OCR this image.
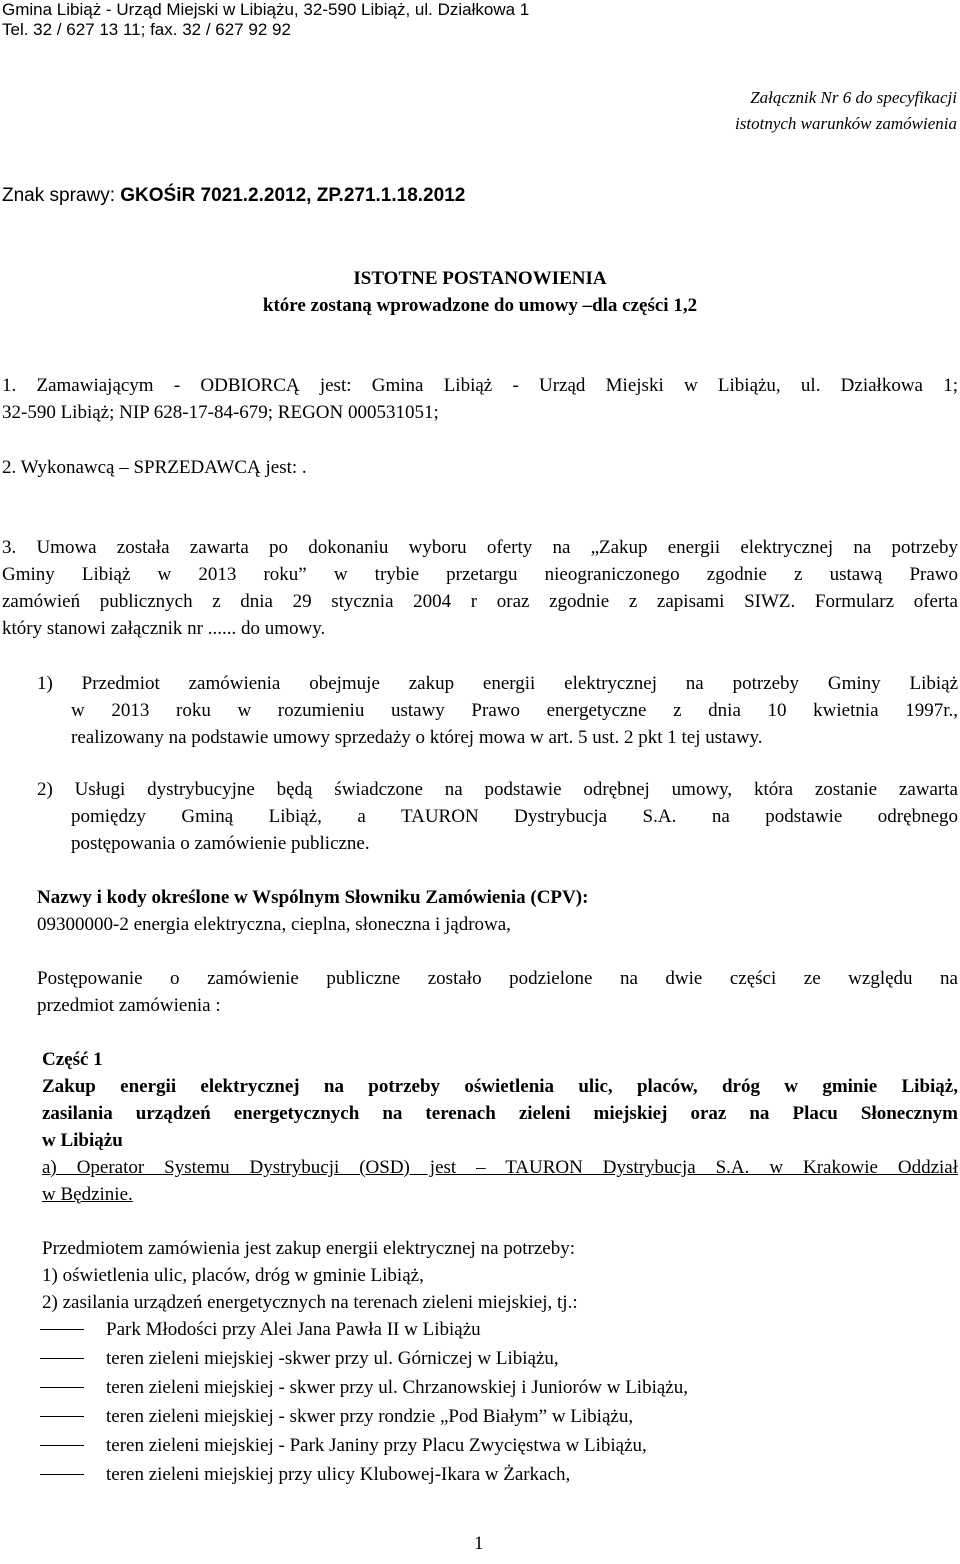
Gmina Libiąż - Urząd Miejski w Libiążu, 32-590 Libiąż, ul. Działkowa 1
Tel. 32 / 627 13 11; fax. 32 / 627 92 92
Załącznik Nr 6 do specyfikacji
istotnych warunków zamówienia
Znak sprawy: GKOŚiR 7021.2.2012, ZP.271.1.18.2012
ISTOTNE POSTANOWIENIA
które zostaną wprowadzone do umowy –dla części 1,2
1. Zamawiającym - ODBIORCĄ jest: Gmina Libiąż - Urząd Miejski w Libiążu, ul. Działkowa 1;
32-590 Libiąż; NIP 628-17-84-679; REGON 000531051;
2. Wykonawcą – SPRZEDAWCĄ jest: .
3. Umowa została zawarta po dokonaniu wyboru oferty na „Zakup energii elektrycznej na potrzeby
Gminy Libiąż w 2013 roku” w trybie przetargu nieograniczonego zgodnie z ustawą Prawo
zamówień publicznych z dnia 29 stycznia 2004 r oraz zgodnie z zapisami SIWZ. Formularz oferta
który stanowi załącznik nr ...... do umowy.
1) Przedmiot zamówienia obejmuje zakup energii elektrycznej na potrzeby Gminy Libiąż
w 2013 roku w rozumieniu ustawy Prawo energetyczne z dnia 10 kwietnia 1997r.,
realizowany na podstawie umowy sprzedaży o której mowa w art. 5 ust. 2 pkt 1 tej ustawy.
2) Usługi dystrybucyjne będą świadczone na podstawie odrębnej umowy, która zostanie zawarta
pomiędzy Gminą Libiąż, a TAURON Dystrybucja S.A. na podstawie odrębnego
postępowania o zamówienie publiczne.
Nazwy i kody określone w Wspólnym Słowniku Zamówienia (CPV):
09300000-2 energia elektryczna, cieplna, słoneczna i jądrowa,
Postępowanie o zamówienie publiczne zostało podzielone na dwie części ze względu na
przedmiot zamówienia :
Część 1
Zakup energii elektrycznej na potrzeby oświetlenia ulic, placów, dróg w gminie Libiąż,
zasilania urządzeń energetycznych na terenach zieleni miejskiej oraz na Placu Słonecznym
w Libiążu
a) Operator Systemu Dystrybucji (OSD) jest – TAURON Dystrybucja S.A. w Krakowie Oddział
w Będzinie.
Przedmiotem zamówienia jest zakup energii elektrycznej na potrzeby:
1) oświetlenia ulic, placów, dróg w gminie Libiąż,
2) zasilania urządzeń energetycznych na terenach zieleni miejskiej, tj.:
Park Młodości przy Alei Jana Pawła II w Libiążu
teren zieleni miejskiej -skwer przy ul. Górniczej w Libiążu,
teren zieleni miejskiej - skwer przy ul. Chrzanowskiej i Juniorów w Libiążu,
teren zieleni miejskiej - skwer przy rondzie „Pod Białym” w Libiążu,
teren zieleni miejskiej - Park Janiny przy Placu Zwycięstwa w Libiążu,
teren zieleni miejskiej przy ulicy Klubowej-Ikara w Żarkach,
1
